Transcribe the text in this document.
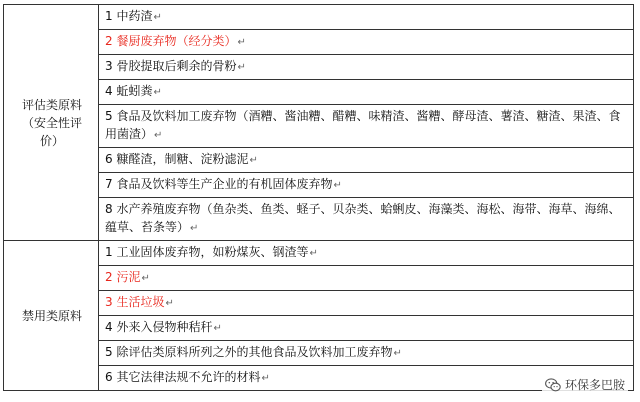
评估类原料（安全性评价）	1 中药渣↵
	2 餐厨废弃物（经分类）↵
	3 骨胶提取后剩余的骨粉↵
	4 蚯蚓粪↵
	5 食品及饮料加工废弃物（酒糟、酱油糟、醋糟、味精渣、酱糟、酵母渣、薯渣、糖渣、果渣、食用菌渣）↵
	6 糠醛渣，制糖、淀粉滤泥↵
	7 食品及饮料等生产企业的有机固体废弃物↵
	8 水产养殖废弃物（鱼杂类、鱼类、蛏子、贝杂类、蛤蜊皮、海藻类、海松、海带、海草、海绵、蕴草、苔条等）↵
禁用类原料	1 工业固体废弃物，如粉煤灰、钢渣等↵
	2 污泥↵
	3 生活垃圾↵
	4 外来入侵物种秸秆↵
	5 除评估类原料所列之外的其他食品及饮料加工废弃物↵
	6 其它法律法规不允许的材料↵	环保多巴胺
